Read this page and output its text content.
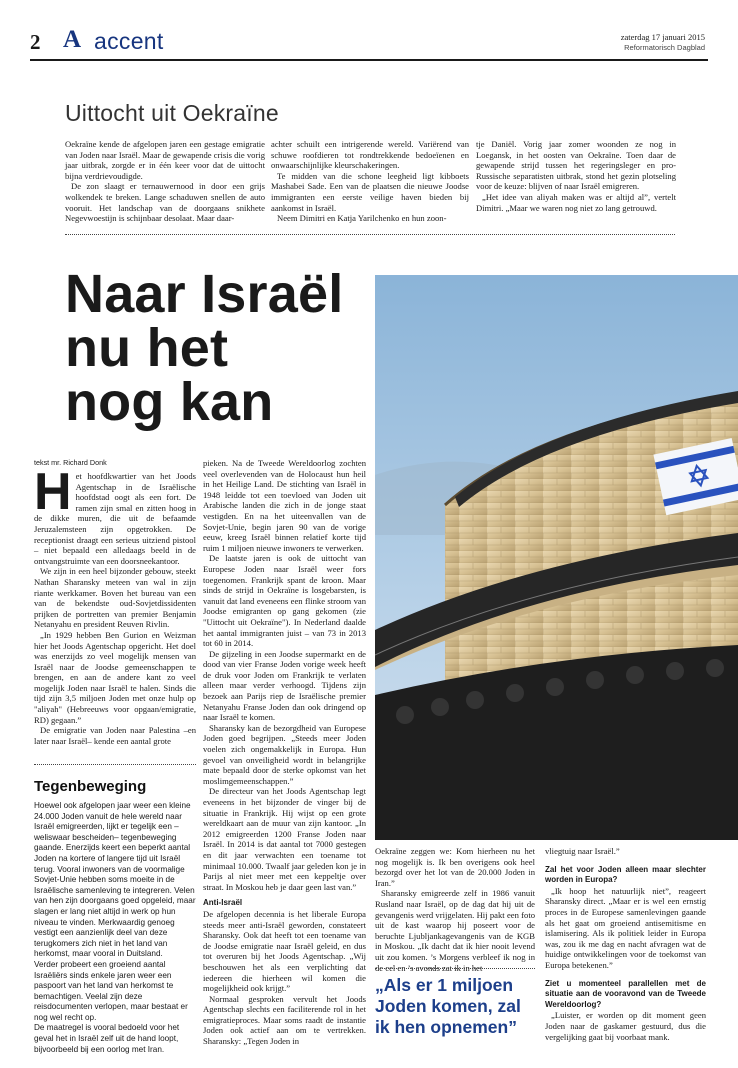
2 A accent	zaterdag 17 januari 2015
Reformatorisch Dagblad
Uittocht uit Oekraïne

Oekraïne kende de afgelopen jaren een gestage emigratie van Joden naar Israël. Maar de gewapende crisis die vorig jaar uitbrak, zorgde er in één keer voor dat de uittocht bijna verdrievoudigde.

De zon slaagt er ternauwernood in door een grijs wolkendek te breken. Lange schaduwen snellen de auto vooruit. Het landschap van de doorgaans snikhete Negevwoestijn is schijnbaar desolaat. Maar daar-

achter schuilt een intrigerende wereld. Variërend van schuwe roofdieren tot rondtrekkende bedoeïenen en onwaarschijnlijke kleurschakeringen.

Te midden van die schone leegheid ligt kibboets Mashabei Sade. Een van de plaatsen die nieuwe Joodse immigranten een eerste veilige haven bieden bij aankomst in Israël.

Neem Dimitri en Katja Yarilchenko en hun zoon-

tje Daniël. Vorig jaar zomer woonden ze nog in Loegansk, in het oosten van Oekraïne. Toen daar de gewapende strijd tussen het regeringsleger en pro-Russische separatisten uitbrak, stond het gezin plotseling voor de keuze: blijven of naar Israël emigreren.

„Het idee van aliyah maken was er altijd al”, vertelt Dimitri. „Maar we waren nog niet zo lang getrouwd.

Naar Israël
nu het
nog kan
tekst mr. Richard Donk
H et hoofdkwartier van het Joods Agentschap in de Israëlische hoofdstad oogt als een fort. De ramen zijn smal en zitten hoog in de dikke muren, die uit de befaamde Jeruzalemsteen zijn opgetrokken. De receptionist draagt een serieus uitziend pistool – niet bepaald een alledaags beeld in de ontvangstruimte van een doorsneekantoor.

We zijn in een heel bijzonder gebouw, steekt Nathan Sharansky meteen van wal in zijn riante werkkamer. Boven het bureau van een van de bekendste oud-Sovjetdissidenten prijken de portretten van premier Benjamin Netanyahu en president Reuven Rivlin.

„In 1929 hebben Ben Gurion en Weizman hier het Joods Agentschap opgericht. Het doel was enerzijds zo veel mogelijk mensen van Israël naar de Joodse gemeenschappen te brengen, en aan de andere kant zo veel mogelijk Joden naar Israël te halen. Sinds die tijd zijn 3,5 miljoen Joden met onze hulp op "aliyah" (Hebreeuws voor opgaan/emigratie, RD) gegaan.”

De emigratie van Joden naar Palestina –en later naar Israël– kende een aantal grote

Tegenbeweging

Hoewel ook afgelopen jaar weer een kleine 24.000 Joden vanuit de hele wereld naar Israël emigreerden, lijkt er tegelijk een –weliswaar bescheiden– tegenbeweging gaande. Enerzijds keert een beperkt aantal Joden na kortere of langere tijd uit Israël terug. Vooral inwoners van de voormalige Sovjet-Unie hebben soms moeite in de Israëlische samenleving te integreren. Velen van hen zijn doorgaans goed opgeleid, maar slagen er lang niet altijd in werk op hun niveau te vinden. Merkwaardig genoeg vestigt een aanzienlijk deel van deze terugkomers zich niet in het land van herkomst, maar vooral in Duitsland.

Verder probeert een groeiend aantal Israëliërs sinds enkele jaren weer een paspoort van het land van herkomst te bemachtigen. Veelal zijn deze reisdocumenten verlopen, maar bestaat er nog wel recht op.

De maatregel is vooral bedoeld voor het geval het in Israël zelf uit de hand loopt, bijvoorbeeld bij een oorlog met Iran.

pieken. Na de Tweede Wereldoorlog zochten veel overlevenden van de Holocaust hun heil in het Heilige Land. De stichting van Israël in 1948 leidde tot een toevloed van Joden uit Arabische landen die zich in de jonge staat vestigden. En na het uiteenvallen van de Sovjet-Unie, begin jaren 90 van de vorige eeuw, kreeg Israël binnen relatief korte tijd ruim 1 miljoen nieuwe inwoners te verwerken.

De laatste jaren is ook de uittocht van Europese Joden naar Israël weer fors toegenomen. Frankrijk spant de kroon. Maar sinds de strijd in Oekraïne is losgebarsten, is vanuit dat land eveneens een flinke stroom van Joodse emigranten op gang gekomen (zie "Uittocht uit Oekraïne"). In Nederland daalde het aantal immigranten juist – van 73 in 2013 tot 60 in 2014.

De gijzeling in een Joodse supermarkt en de dood van vier Franse Joden vorige week heeft de druk voor Joden om Frankrijk te verlaten alleen maar verder verhoogd. Tijdens zijn bezoek aan Parijs riep de Israëlische premier Netanyahu Franse Joden dan ook dringend op naar Israël te komen.

Sharansky kan de bezorgdheid van Europese Joden goed begrijpen. „Steeds meer Joden voelen zich ongemakkelijk in Europa. Hun gevoel van onveiligheid wordt in belangrijke mate bepaald door de sterke opkomst van het moslimgemeenschappen.”

De directeur van het Joods Agentschap legt eveneens in het bijzonder de vinger bij de situatie in Frankrijk. Hij wijst op een grote wereldkaart aan de muur van zijn kantoor. „In 2012 emigreerden 1200 Franse Joden naar Israël. In 2014 is dat aantal tot 7000 gestegen en dit jaar verwachten een toename tot minimaal 10.000. Twaalf jaar geleden kon je in Parijs al niet meer met een keppeltje over straat. In Moskou heb je daar geen last van.”

Anti-Israël

De afgelopen decennia is het liberale Europa steeds meer anti-Israël geworden, constateert Sharansky. Ook dat heeft tot een toename van de Joodse emigratie naar Israël geleid, en dus tot overuren bij het Joods Agentschap. „Wij beschouwen het als een verplichting dat iedereen die hierheen wil komen die mogelijkheid ook krijgt.”

Normaal gesproken vervult het Joods Agentschap slechts een faciliterende rol in het emigratieproces. Maar soms raadt de instantie Joden ook actief aan om te vertrekken. Sharansky: „Tegen Joden in

Oekraïne zeggen we: Kom hierheen nu het nog mogelijk is. Ik ben overigens ook heel bezorgd over het lot van de 20.000 Joden in Iran.”

Sharansky emigreerde zelf in 1986 vanuit Rusland naar Israël, op de dag dat hij uit de gevangenis werd vrijgelaten. Hij pakt een foto uit de kast waarop hij poseert voor de beruchte Ljubljankagevangenis van de KGB in Moskou. „Ik dacht dat ik hier nooit levend uit zou komen. ’s Morgens verbleef ik nog in de cel en ’s avonds zat ik in het

„Als er 1 miljoen Joden komen, zal ik hen opnemen”

vliegtuig naar Israël.”

Zal het voor Joden alleen maar slechter worden in Europa?

„Ik hoop het natuurlijk niet”, reageert Sharansky direct. „Maar er is wel een ernstig proces in de Europese samenlevingen gaande als het gaat om groeiend antisemitisme en islamisering. Als ik politiek leider in Europa was, zou ik me dag en nacht afvragen wat de huidige ontwikkelingen voor de toekomst van Europa betekenen.”

Ziet u momenteel parallellen met de situatie aan de vooravond van de Tweede Wereldoorlog?

„Luister, er worden op dit moment geen Joden naar de gaskamer gestuurd, dus die vergelijking gaat bij voorbaat mank.
